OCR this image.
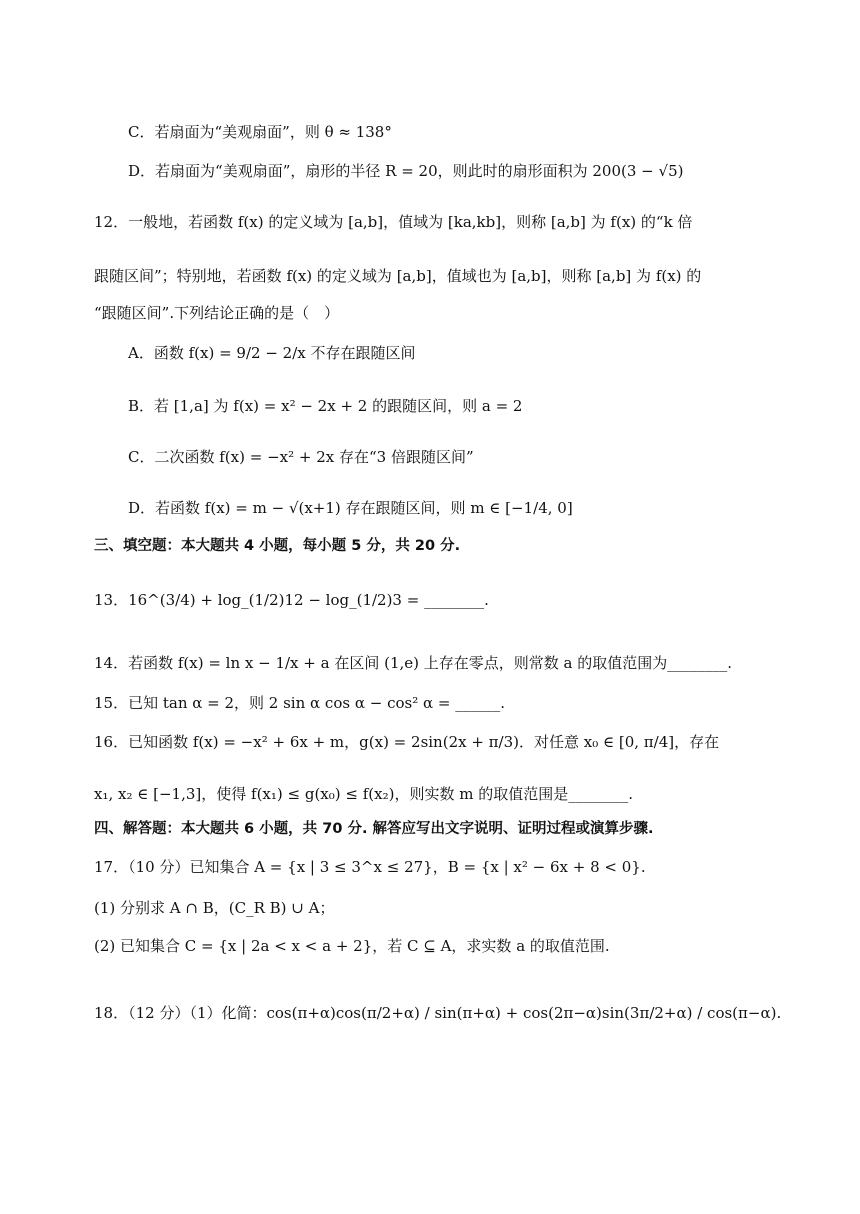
C．若扇面为“美观扇面”，则 θ ≈ 138°
D．若扇面为“美观扇面”，扇形的半径 R = 20，则此时的扇形面积为 200(3 − √5)
12．一般地，若函数 f(x) 的定义域为 [a,b]，值域为 [ka,kb]，则称 [a,b] 为 f(x) 的“k 倍
跟随区间”；特别地，若函数 f(x) 的定义域为 [a,b]，值域也为 [a,b]，则称 [a,b] 为 f(x) 的
“跟随区间”.下列结论正确的是（　）
A．函数 f(x) = 9/2 − 2/x 不存在跟随区间
B．若 [1,a] 为 f(x) = x² − 2x + 2 的跟随区间，则 a = 2
C．二次函数 f(x) = −x² + 2x 存在“3 倍跟随区间”
D．若函数 f(x) = m − √(x+1) 存在跟随区间，则 m ∈ [−1/4, 0]
三、填空题：本大题共 4 小题，每小题 5 分，共 20 分.
13．16^(3/4) + log_(1/2)12 − log_(1/2)3 = ________.
14．若函数 f(x) = ln x − 1/x + a 在区间 (1,e) 上存在零点，则常数 a 的取值范围为________.
15．已知 tan α = 2，则 2 sin α cos α − cos² α = ______.
16．已知函数 f(x) = −x² + 6x + m，g(x) = 2sin(2x + π/3)．对任意 x₀ ∈ [0, π/4]，存在
x₁, x₂ ∈ [−1,3]，使得 f(x₁) ≤ g(x₀) ≤ f(x₂)，则实数 m 的取值范围是________.
四、解答题：本大题共 6 小题，共 70 分. 解答应写出文字说明、证明过程或演算步骤.
17．（10 分）已知集合 A = {x | 3 ≤ 3^x ≤ 27}，B = {x | x² − 6x + 8 < 0}.
(1) 分别求 A ∩ B，(C_R B) ∪ A；
(2) 已知集合 C = {x | 2a < x < a + 2}，若 C ⊆ A，求实数 a 的取值范围.
18．（12 分）（1）化简：cos(π+α)cos(π/2+α) / sin(π+α) + cos(2π−α)sin(3π/2+α) / cos(π−α).
